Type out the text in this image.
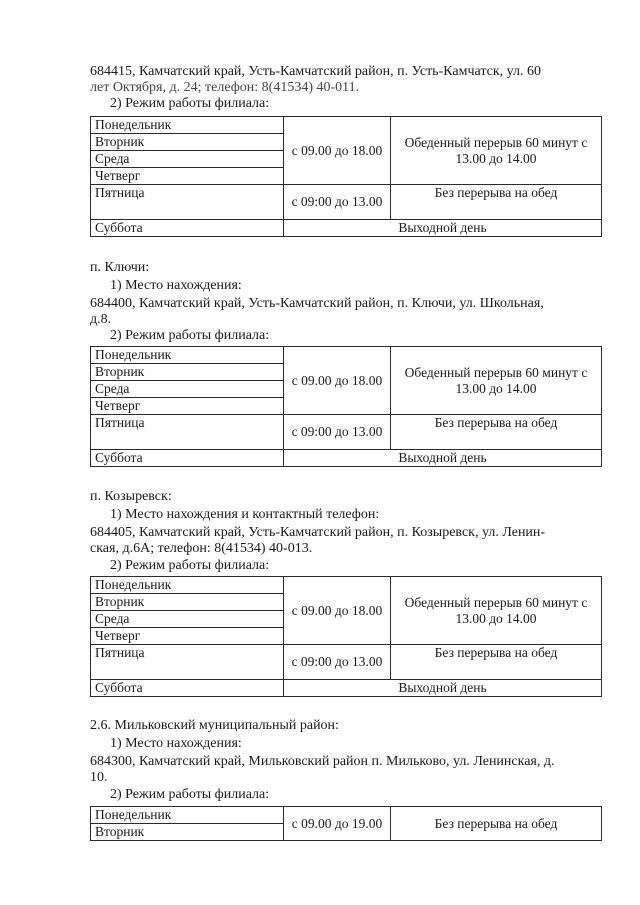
684415, Камчатский край, Усть-Камчатский район, п. Усть-Камчатск, ул. 60
лет Октября, д. 24; телефон: 8(41534) 40-011.
2) Режим работы филиала:
Понедельник	с 09.00 до 18.00	Обеденный перерыв 60 минут с 13.00 до 14.00
Вторник		
Среда		
Четверг		
Пятница	с 09:00 до 13.00	Без перерыва на обед
Суббота	Выходной день	
п. Ключи:
1) Место нахождения:
684400, Камчатский край, Усть-Камчатский район, п. Ключи, ул. Школьная,
д.8.
2) Режим работы филиала:
Понедельник	с 09.00 до 18.00	Обеденный перерыв 60 минут с 13.00 до 14.00
Вторник		
Среда		
Четверг		
Пятница	с 09:00 до 13.00	Без перерыва на обед
Суббота	Выходной день	
п. Козыревск:
1) Место нахождения и контактный телефон:
684405, Камчатский край, Усть-Камчатский район, п. Козыревск, ул. Ленин-
ская, д.6А; телефон: 8(41534) 40-013.
2) Режим работы филиала:
Понедельник	с 09.00 до 18.00	Обеденный перерыв 60 минут с 13.00 до 14.00
Вторник		
Среда		
Четверг		
Пятница	с 09:00 до 13.00	Без перерыва на обед
Суббота	Выходной день	
2.6. Мильковский муниципальный район:
1) Место нахождения:
684300, Камчатский край, Мильковский район п. Мильково, ул. Ленинская, д.
10.
2) Режим работы филиала:
Понедельник	с 09.00 до 19.00	Без перерыва на обед
Вторник
